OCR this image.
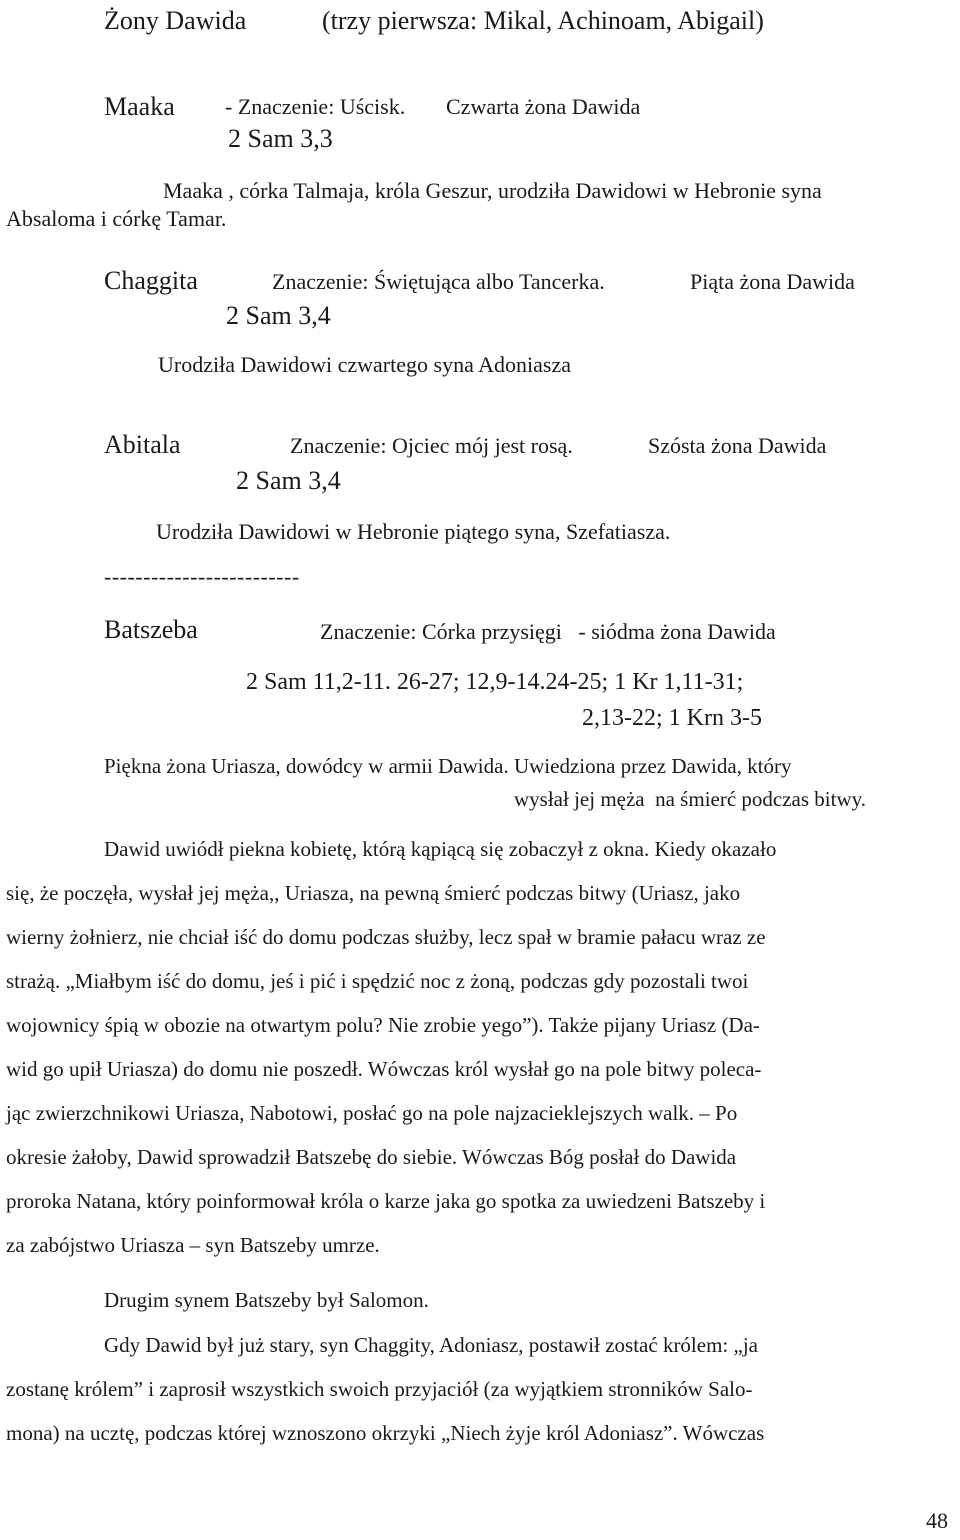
Żony Dawida	(trzy pierwsza: Mikal, Achinoam, Abigail)
Maaka - Znaczenie: Uścisk. Czwarta żona Dawida
2 Sam 3,3
Maaka , córka Talmaja, króla Geszur, urodziła Dawidowi w Hebronie syna
Absaloma i córkę Tamar.
Chaggita	Znaczenie: Świętująca albo Tancerka.	Piąta żona Dawida
2 Sam 3,4
Urodziła Dawidowi czwartego syna Adoniasza
Abitala	Znaczenie: Ojciec mój jest rosą.	Szósta żona Dawida
2 Sam 3,4
Urodziła Dawidowi w Hebronie piątego syna, Szefatiasza.
-------------------------
Batszeba	Znaczenie: Córka przysięgi   - siódma żona Dawida
2 Sam 11,2-11. 26-27; 12,9-14.24-25; 1 Kr 1,11-31;
2,13-22; 1 Krn 3-5
Piękna żona Uriasza, dowódcy w armii Dawida. Uwiedziona przez Dawida, który
wysłał jej męża  na śmierć podczas bitwy.
Dawid uwiódł piekna kobietę, którą kąpiącą się zobaczył z okna. Kiedy okazało
się, że poczęła, wysłał jej męża,, Uriasza, na pewną śmierć podczas bitwy (Uriasz, jako
wierny żołnierz, nie chciał iść do domu podczas służby, lecz spał w bramie pałacu wraz ze
strażą. „Miałbym iść do domu, jeś i pić i spędzić noc z żoną, podczas gdy pozostali twoi
wojownicy śpią w obozie na otwartym polu? Nie zrobie yego”). Także pijany Uriasz (Da-
wid go upił Uriasza) do domu nie poszedł. Wówczas król wysłał go na pole bitwy poleca-
jąc zwierzchnikowi Uriasza, Nabotowi, posłać go na pole najzacieklejszych walk. – Po
okresie żałoby, Dawid sprowadził Batszebę do siebie. Wówczas Bóg posłał do Dawida
proroka Natana, który poinformował króla o karze jaka go spotka za uwiedzeni Batszeby i
za zabójstwo Uriasza – syn Batszeby umrze.
Drugim synem Batszeby był Salomon.
Gdy Dawid był już stary, syn Chaggity, Adoniasz, postawił zostać królem: „ja
zostanę królem” i zaprosił wszystkich swoich przyjaciół (za wyjątkiem stronników Salo-
mona) na ucztę, podczas której wznoszono okrzyki „Niech żyje król Adoniasz”. Wówczas
48
